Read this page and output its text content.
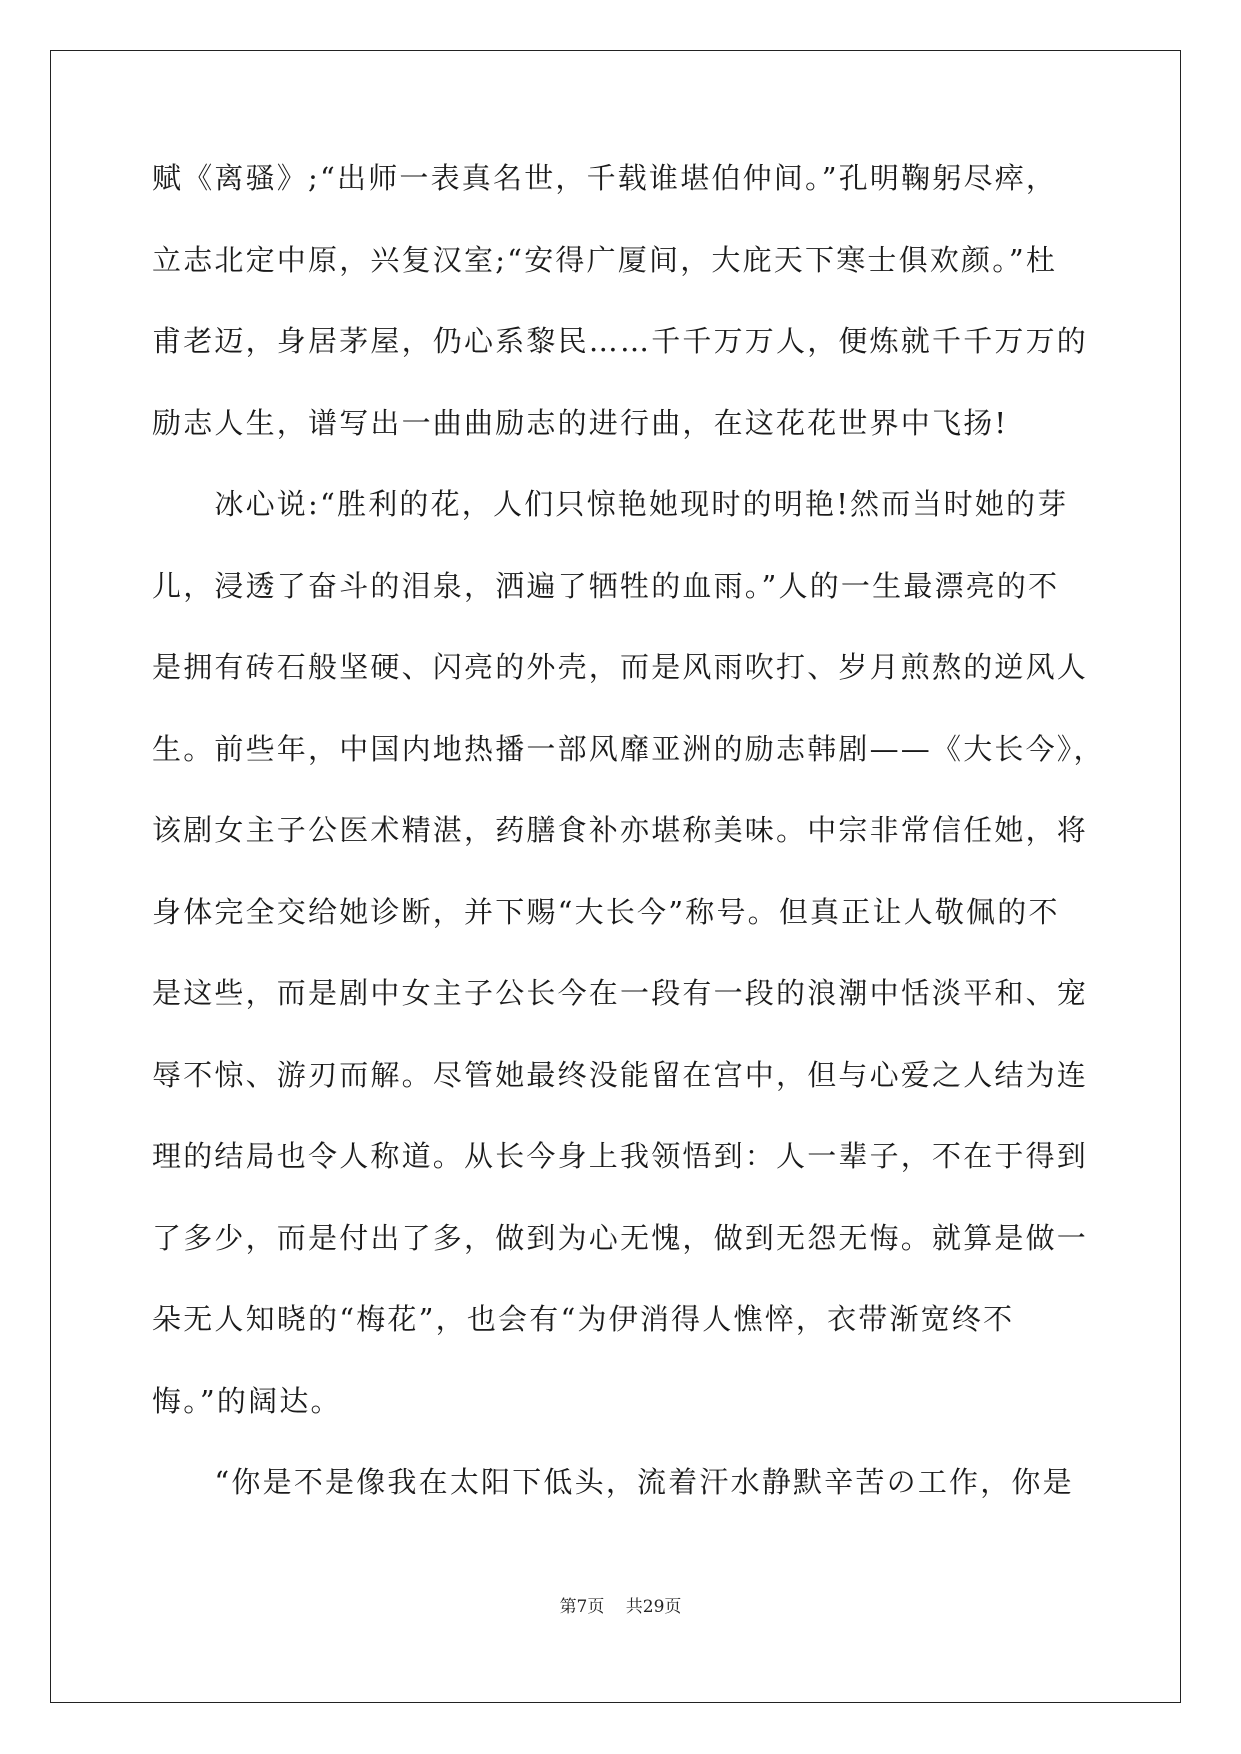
赋《离骚》;“出师一表真名世，千载谁堪伯仲间。”孔明鞠躬尽瘁，
立志北定中原，兴复汉室;“安得广厦间，大庇天下寒士俱欢颜。”杜
甫老迈，身居茅屋，仍心系黎民……千千万万人，便炼就千千万万的
励志人生，谱写出一曲曲励志的进行曲，在这花花世界中飞扬!
　　冰心说:“胜利的花，人们只惊艳她现时的明艳!然而当时她的芽
儿，浸透了奋斗的泪泉，洒遍了牺牲的血雨。”人的一生最漂亮的不
是拥有砖石般坚硬、闪亮的外壳，而是风雨吹打、岁月煎熬的逆风人
生。前些年，中国内地热播一部风靡亚洲的励志韩剧——《大长今》，
该剧女主子公医术精湛，药膳食补亦堪称美味。中宗非常信任她，将
身体完全交给她诊断，并下赐“大长今”称号。但真正让人敬佩的不
是这些，而是剧中女主子公长今在一段有一段的浪潮中恬淡平和、宠
辱不惊、游刃而解。尽管她最终没能留在宫中，但与心爱之人结为连
理的结局也令人称道。从长今身上我领悟到：人一辈子，不在于得到
了多少，而是付出了多，做到为心无愧，做到无怨无悔。就算是做一
朵无人知晓的“梅花”，也会有“为伊消得人憔悴，衣带渐宽终不
悔。”的阔达。
　　“你是不是像我在太阳下低头，流着汗水静默辛苦の工作，你是
第7页 共29页
